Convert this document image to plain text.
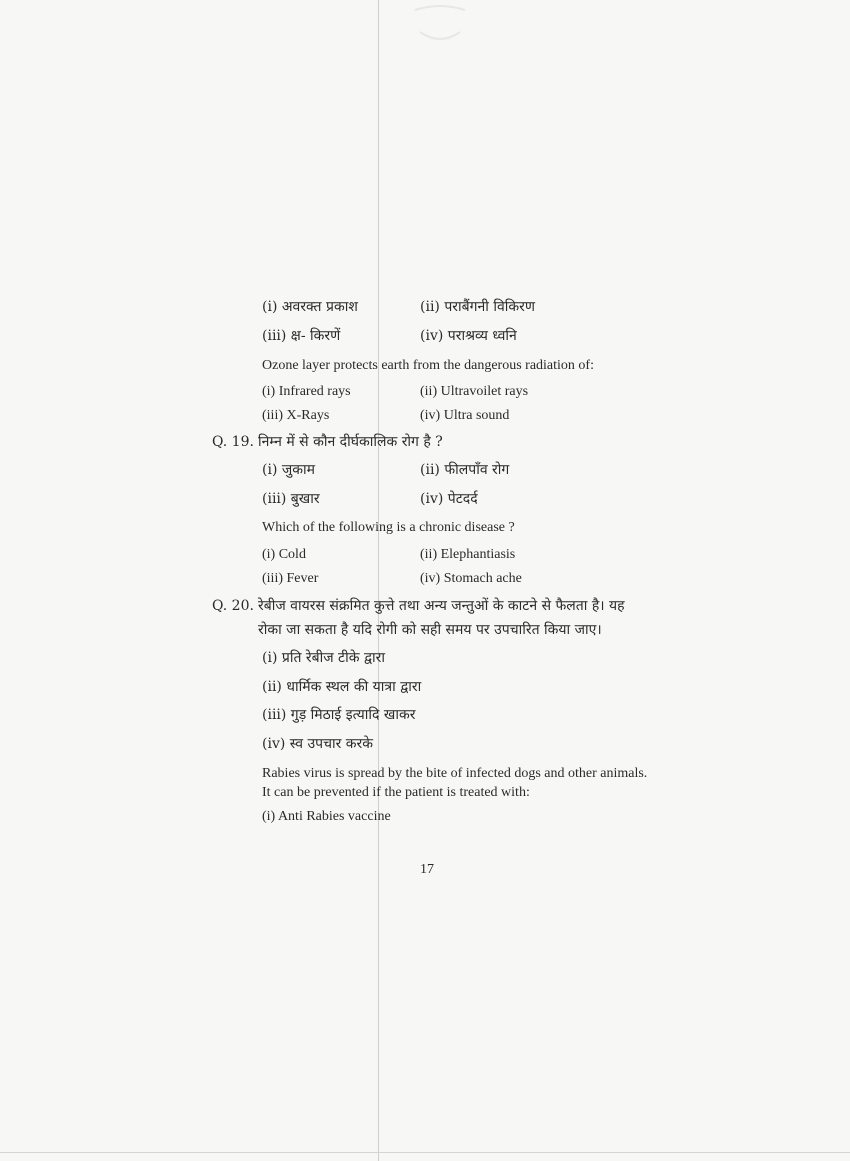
(i) अवरक्त प्रकाश	(ii) पराबैंगनी विकिरण
(iii) क्ष- किरणें	(iv) पराश्रव्य ध्वनि
Ozone layer protects earth from the dangerous radiation of:
(i) Infrared rays	(ii) Ultravoilet rays
(iii) X-Rays	(iv) Ultra sound
Q. 19. निम्न में से कौन दीर्घकालिक रोग है ?
(i) जुकाम	(ii) फीलपाँव रोग
(iii) बुखार	(iv) पेटदर्द
Which of the following is a chronic disease ?
(i) Cold	(ii) Elephantiasis
(iii) Fever	(iv) Stomach ache
Q. 20. रेबीज वायरस संक्रमित कुत्ते तथा अन्य जन्तुओं के काटने से फैलता है। यह
रोका जा सकता है यदि रोगी को सही समय पर उपचारित किया जाए।
(i) प्रति रेबीज टीके द्वारा
(ii) धार्मिक स्थल की यात्रा द्वारा
(iii) गुड़ मिठाई इत्यादि खाकर
(iv) स्व उपचार करके
Rabies virus is spread by the bite of infected dogs and other animals.
It can be prevented if the patient is treated with:
(i) Anti Rabies vaccine
17
